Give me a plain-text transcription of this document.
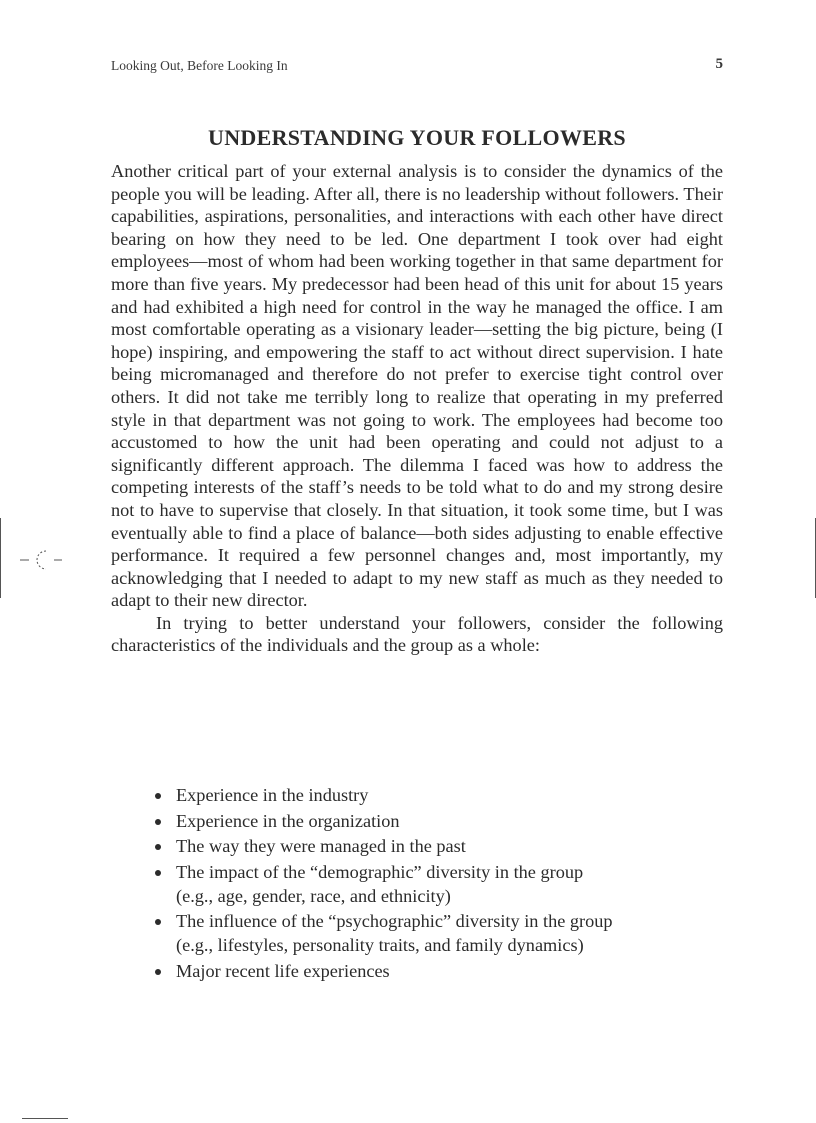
Looking Out, Before Looking In	5
UNDERSTANDING YOUR FOLLOWERS

Another critical part of your external analysis is to consider the dynamics of the people you will be leading. After all, there is no leadership without followers. Their capabilities, aspirations, personalities, and interactions with each other have direct bearing on how they need to be led. One department I took over had eight employees—most of whom had been working together in that same department for more than five years. My predecessor had been head of this unit for about 15 years and had exhibited a high need for control in the way he managed the office. I am most comfortable operating as a visionary leader—setting the big picture, being (I hope) inspiring, and empowering the staff to act without direct supervision. I hate being micromanaged and therefore do not prefer to exercise tight control over others. It did not take me terribly long to realize that operating in my preferred style in that department was not going to work. The employees had become too accustomed to how the unit had been operating and could not adjust to a significantly different approach. The dilemma I faced was how to address the competing interests of the staff’s needs to be told what to do and my strong desire not to have to supervise that closely. In that situation, it took some time, but I was eventually able to find a place of balance—both sides adjusting to enable effective performance. It required a few personnel changes and, most importantly, my acknowledging that I needed to adapt to my new staff as much as they needed to adapt to their new director.

In trying to better understand your followers, consider the following characteristics of the individuals and the group as a whole:

Experience in the industry
Experience in the organization
The way they were managed in the past
The impact of the “demographic” diversity in the group
(e.g., age, gender, race, and ethnicity)
The influence of the “psychographic” diversity in the group
(e.g., lifestyles, personality traits, and family dynamics)
Major recent life experiences
